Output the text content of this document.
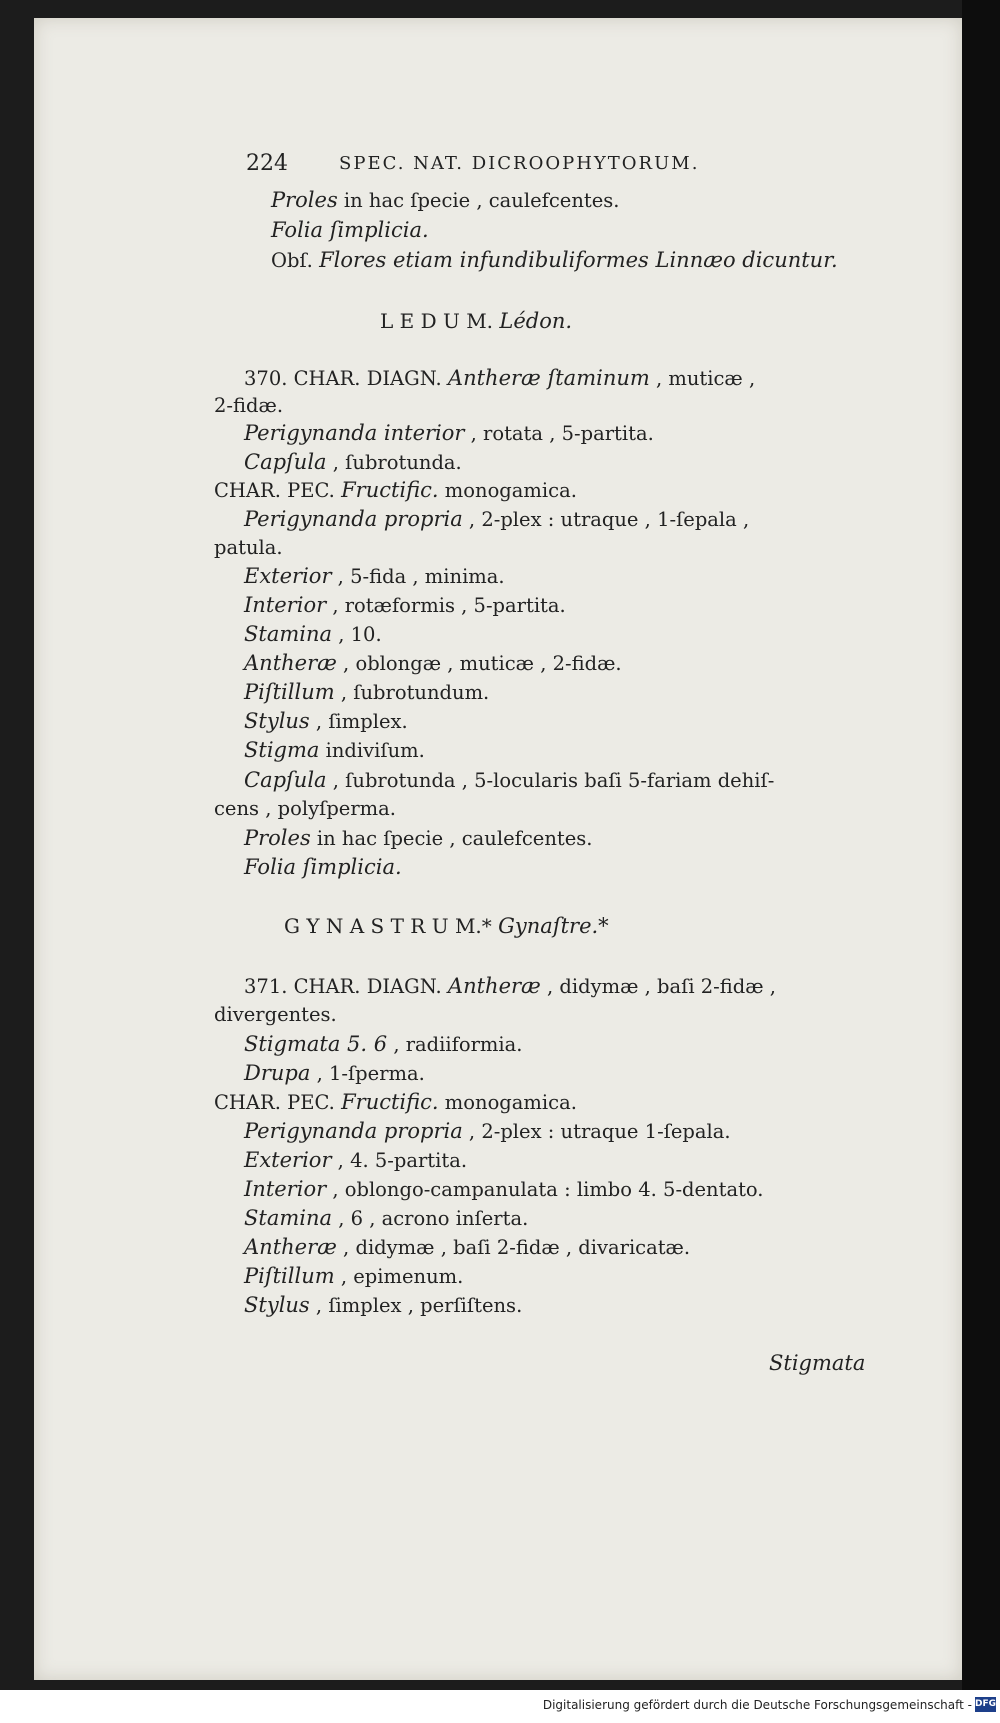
224	SPEC. NAT. DICROOPHYTORUM.
Proles in hac ſpecie , caulefcentes.
Folia ſimplicia.
Obſ. Flores etiam infundibuliformes Linnæo dicuntur.
L E D U M. Lédon.
370. CHAR. DIAGN. Antheræ ſtaminum , muticæ ,
2-fidæ.
Perigynanda interior , rotata , 5-partita.
Capſula , ſubrotunda.
CHAR. PEC. Fructific. monogamica.
Perigynanda propria , 2-plex : utraque , 1-ſepala ,
patula.
Exterior , 5-fida , minima.
Interior , rotæformis , 5-partita.
Stamina , 10.
Antheræ , oblongæ , muticæ , 2-fidæ.
Piſtillum , ſubrotundum.
Stylus , ſimplex.
Stigma indiviſum.
Capſula , ſubrotunda , 5-locularis baſi 5-fariam dehiſ-
cens , polyſperma.
Proles in hac ſpecie , caulefcentes.
Folia ſimplicia.
G Y N A S T R U M.* Gynaſtre.*
371. CHAR. DIAGN. Antheræ , didymæ , baſi 2-fidæ ,
divergentes.
Stigmata 5. 6 , radiiformia.
Drupa , 1-ſperma.
CHAR. PEC. Fructific. monogamica.
Perigynanda propria , 2-plex : utraque 1-ſepala.
Exterior , 4. 5-partita.
Interior , oblongo-campanulata : limbo 4. 5-dentato.
Stamina , 6 , acrono inſerta.
Antheræ , didymæ , baſi 2-fidæ , divaricatæ.
Piſtillum , epimenum.
Stylus , ſimplex , perſiſtens.
Stigmata
Digitalisierung gefördert durch die Deutsche Forschungsgemeinschaft - DFG
